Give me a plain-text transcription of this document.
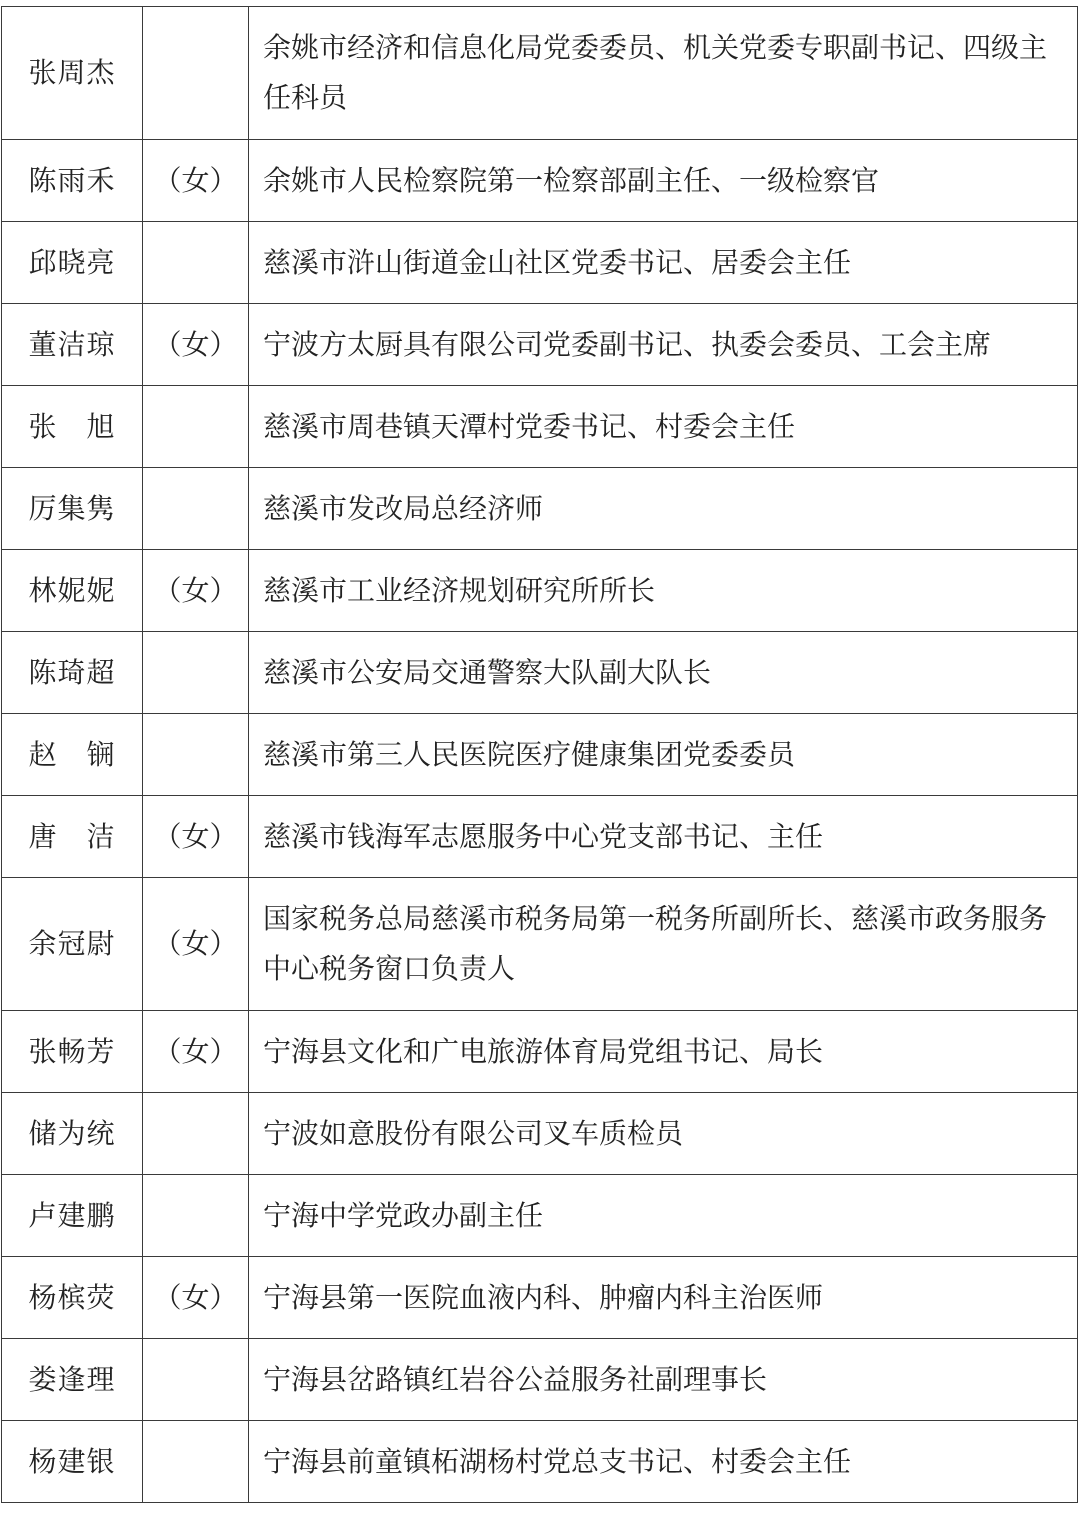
张周杰		余姚市经济和信息化局党委委员、机关党委专职副书记、四级主任科员
陈雨禾	（女）	余姚市人民检察院第一检察部副主任、一级检察官
邱晓亮		慈溪市浒山街道金山社区党委书记、居委会主任
董洁琼	（女）	宁波方太厨具有限公司党委副书记、执委会委员、工会主席
张　旭		慈溪市周巷镇天潭村党委书记、村委会主任
厉集隽		慈溪市发改局总经济师
林妮妮	（女）	慈溪市工业经济规划研究所所长
陈琦超		慈溪市公安局交通警察大队副大队长
赵　锎		慈溪市第三人民医院医疗健康集团党委委员
唐　洁	（女）	慈溪市钱海军志愿服务中心党支部书记、主任
余冠尉	（女）	国家税务总局慈溪市税务局第一税务所副所长、慈溪市政务服务中心税务窗口负责人
张畅芳	（女）	宁海县文化和广电旅游体育局党组书记、局长
储为统		宁波如意股份有限公司叉车质检员
卢建鹏		宁海中学党政办副主任
杨槟荧	（女）	宁海县第一医院血液内科、肿瘤内科主治医师
娄逢理		宁海县岔路镇红岩谷公益服务社副理事长
杨建银		宁海县前童镇柘湖杨村党总支书记、村委会主任
